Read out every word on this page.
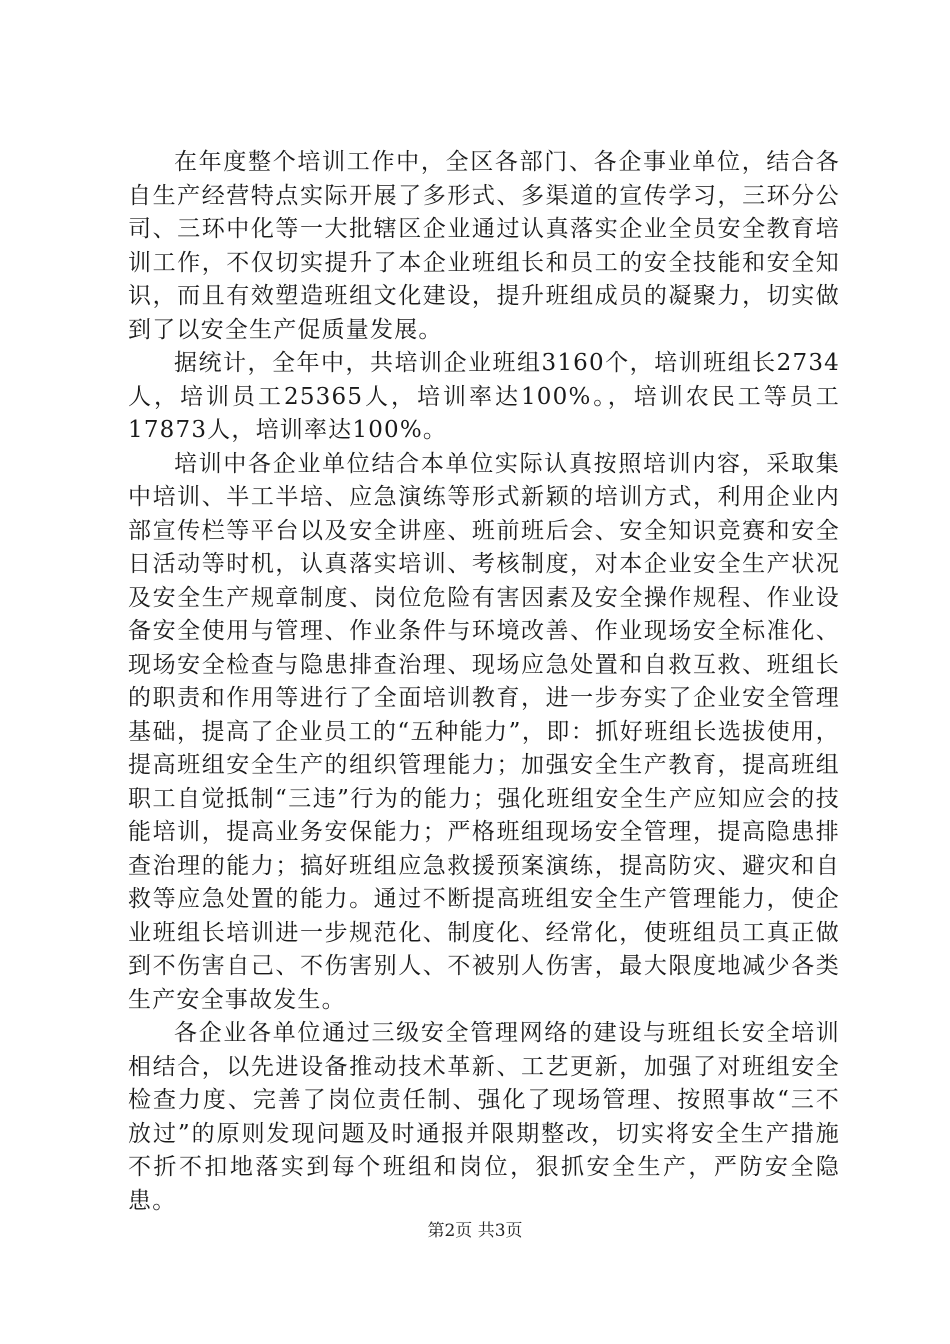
在年度整个培训工作中，全区各部门、各企事业单位，结合各自生产经营特点实际开展了多形式、多渠道的宣传学习，三环分公司、三环中化等一大批辖区企业通过认真落实企业全员安全教育培训工作，不仅切实提升了本企业班组长和员工的安全技能和安全知识，而且有效塑造班组文化建设，提升班组成员的凝聚力，切实做到了以安全生产促质量发展。

据统计，全年中，共培训企业班组3160个，培训班组长2734人，培训员工25365人，培训率达100%。，培训农民工等员工17873人，培训率达100%。

培训中各企业单位结合本单位实际认真按照培训内容，采取集中培训、半工半培、应急演练等形式新颖的培训方式，利用企业内部宣传栏等平台以及安全讲座、班前班后会、安全知识竞赛和安全日活动等时机，认真落实培训、考核制度，对本企业安全生产状况及安全生产规章制度、岗位危险有害因素及安全操作规程、作业设备安全使用与管理、作业条件与环境改善、作业现场安全标准化、现场安全检查与隐患排查治理、现场应急处置和自救互救、班组长的职责和作用等进行了全面培训教育，进一步夯实了企业安全管理基础，提高了企业员工的“五种能力”，即：抓好班组长选拔使用，提高班组安全生产的组织管理能力；加强安全生产教育，提高班组职工自觉抵制“三违”行为的能力；强化班组安全生产应知应会的技能培训，提高业务安保能力；严格班组现场安全管理，提高隐患排查治理的能力；搞好班组应急救援预案演练，提高防灾、避灾和自救等应急处置的能力。通过不断提高班组安全生产管理能力，使企业班组长培训进一步规范化、制度化、经常化，使班组员工真正做到不伤害自己、不伤害别人、不被别人伤害，最大限度地减少各类生产安全事故发生。

各企业各单位通过三级安全管理网络的建设与班组长安全培训相结合，以先进设备推动技术革新、工艺更新，加强了对班组安全检查力度、完善了岗位责任制、强化了现场管理、按照事故“三不放过”的原则发现问题及时通报并限期整改，切实将安全生产措施不折不扣地落实到每个班组和岗位，狠抓安全生产，严防安全隐患。

第2页 共3页
